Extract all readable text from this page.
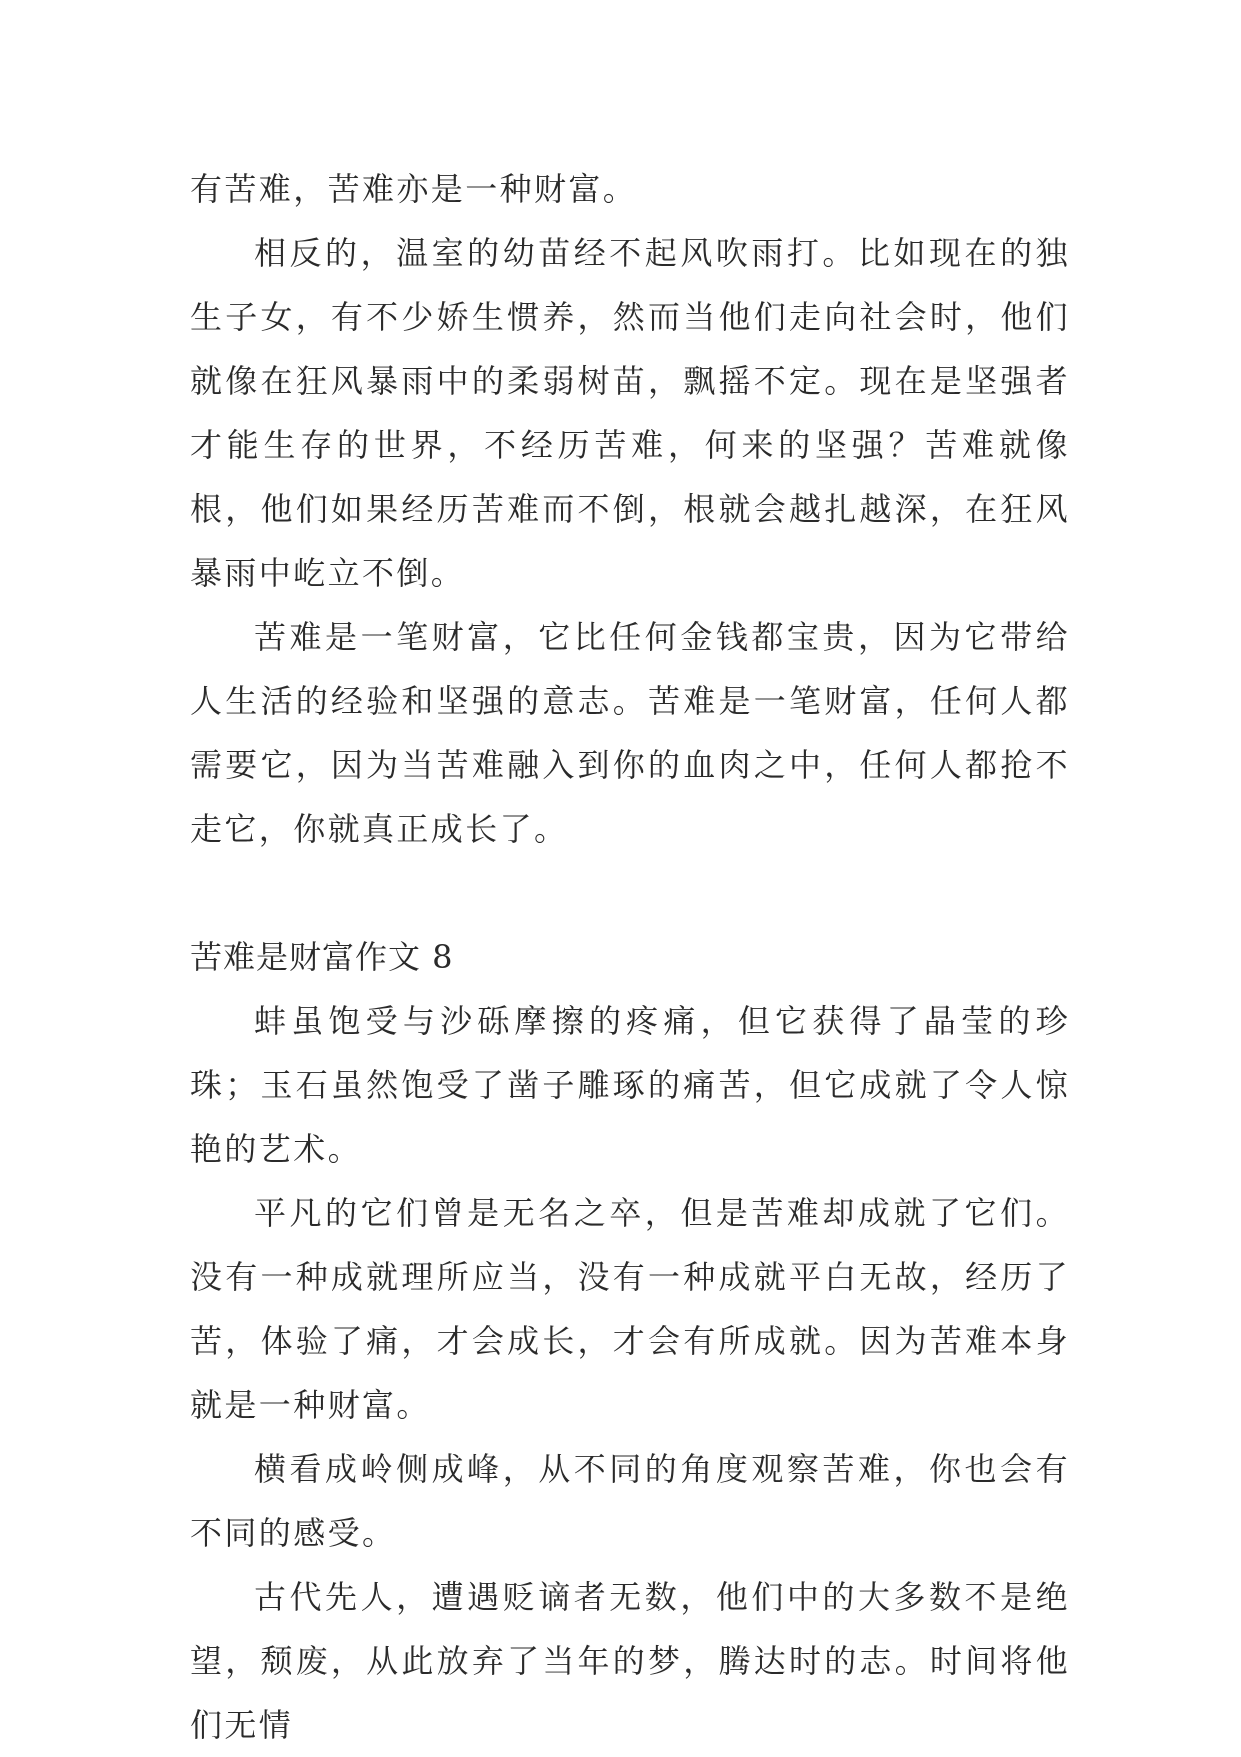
有苦难，苦难亦是一种财富。

相反的，温室的幼苗经不起风吹雨打。比如现在的独生子女，有不少娇生惯养，然而当他们走向社会时，他们就像在狂风暴雨中的柔弱树苗，飘摇不定。现在是坚强者才能生存的世界，不经历苦难，何来的坚强？苦难就像根，他们如果经历苦难而不倒，根就会越扎越深，在狂风暴雨中屹立不倒。

苦难是一笔财富，它比任何金钱都宝贵，因为它带给人生活的经验和坚强的意志。苦难是一笔财富，任何人都需要它，因为当苦难融入到你的血肉之中，任何人都抢不走它，你就真正成长了。

苦难是财富作文 8

蚌虽饱受与沙砾摩擦的疼痛，但它获得了晶莹的珍珠；玉石虽然饱受了凿子雕琢的痛苦，但它成就了令人惊艳的艺术。

平凡的它们曾是无名之卒，但是苦难却成就了它们。没有一种成就理所应当，没有一种成就平白无故，经历了苦，体验了痛，才会成长，才会有所成就。因为苦难本身就是一种财富。

横看成岭侧成峰，从不同的角度观察苦难，你也会有不同的感受。

古代先人，遭遇贬谪者无数，他们中的大多数不是绝望，颓废，从此放弃了当年的梦，腾达时的志。时间将他们无情
